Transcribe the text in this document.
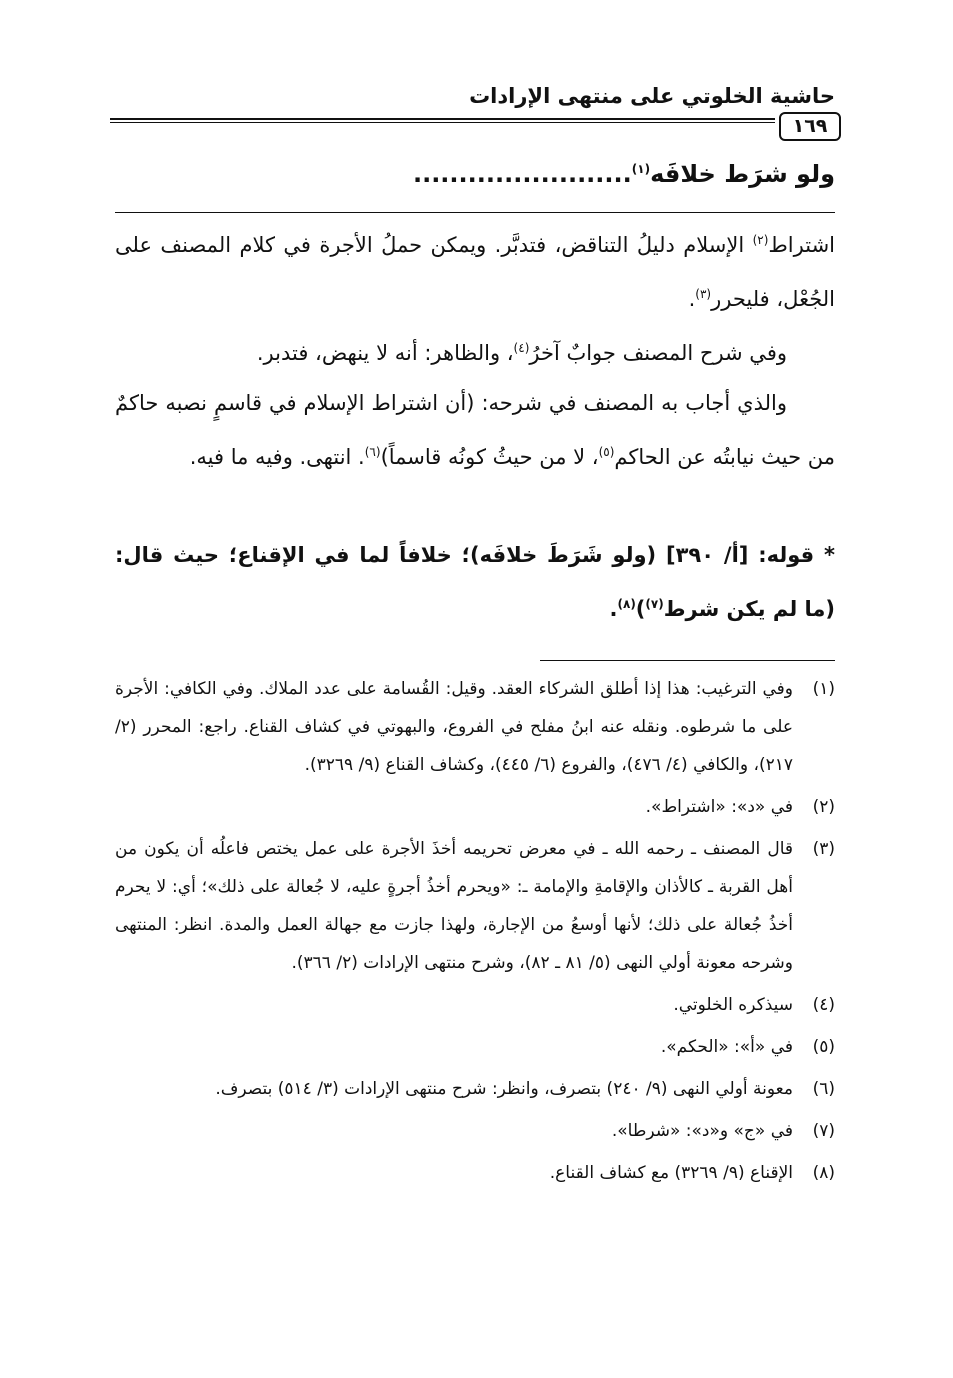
حاشية الخلوتي على منتهى الإرادات
١٦٩
ولو شرَط خلافَه$^{(١)}$........................

اشتراط$^{(٢)}$ الإسلام دليلُ التناقض، فتدبَّر. ويمكن حملُ الأجرة في كلام المصنف على الجُعْل، فليحرر$^{(٣)}$.

وفي شرح المصنف جوابٌ آخرُ$^{(٤)}$، والظاهر: أنه لا ينهض، فتدبر.

والذي أجاب به المصنف في شرحه: (أن اشتراط الإسلام في قاسمٍ نصبه حاكمٌ من حيث نيابتُه عن الحاكم$^{(٥)}$، لا من حيثُ كونُه قاسماً)$^{(٦)}$. انتهى. وفيه ما فيه.

* قوله: [أ/ ٣٩٠] (ولو شَرَطَ خلافَه)؛ خلافاً لما في الإقناع؛ حيث قال: (ما لم يكن شرط$^{(٧)}$)$^{(٨)}$.

(١)
وفي الترغيب: هذا إذا أطلق الشركاء العقد. وقيل: القُسامة على عدد الملاك. وفي الكافي: الأجرة على ما شرطوه. ونقله عنه ابنُ مفلح في الفروع، والبهوتي في كشاف القناع. راجع: المحرر (٢/ ٢١٧)، والكافي (٤/ ٤٧٦)، والفروع (٦/ ٤٤٥)، وكشاف القناع (٩/ ٣٢٦٩).
(٢)
في «د»: «اشتراط».
(٣)
قال المصنف ـ رحمه الله ـ في معرض تحريمه أخذَ الأجرة على عمل يختص فاعلُه أن يكون من أهل القربة ـ كالأذان والإقامةِ والإمامة ـ: «ويحرم أخذُ أجرةٍ عليه، لا جُعالة على ذلك»؛ أي: لا يحرم أخذُ جُعالة على ذلك؛ لأنها أوسعُ من الإجارة، ولهذا جازت مع جهالة العمل والمدة. انظر: المنتهى وشرحه معونة أولي النهى (٥/ ٨١ ـ ٨٢)، وشرح منتهى الإرادات (٢/ ٣٦٦).
(٤)
سيذكره الخلوتي.
(٥)
في «أ»: «الحكم».
(٦)
معونة أولي النهى (٩/ ٢٤٠) بتصرف، وانظر: شرح منتهى الإرادات (٣/ ٥١٤) بتصرف.
(٧)
في «ج» و«د»: «شرطا».
(٨)
الإقناع (٩/ ٣٢٦٩) مع كشاف القناع.
